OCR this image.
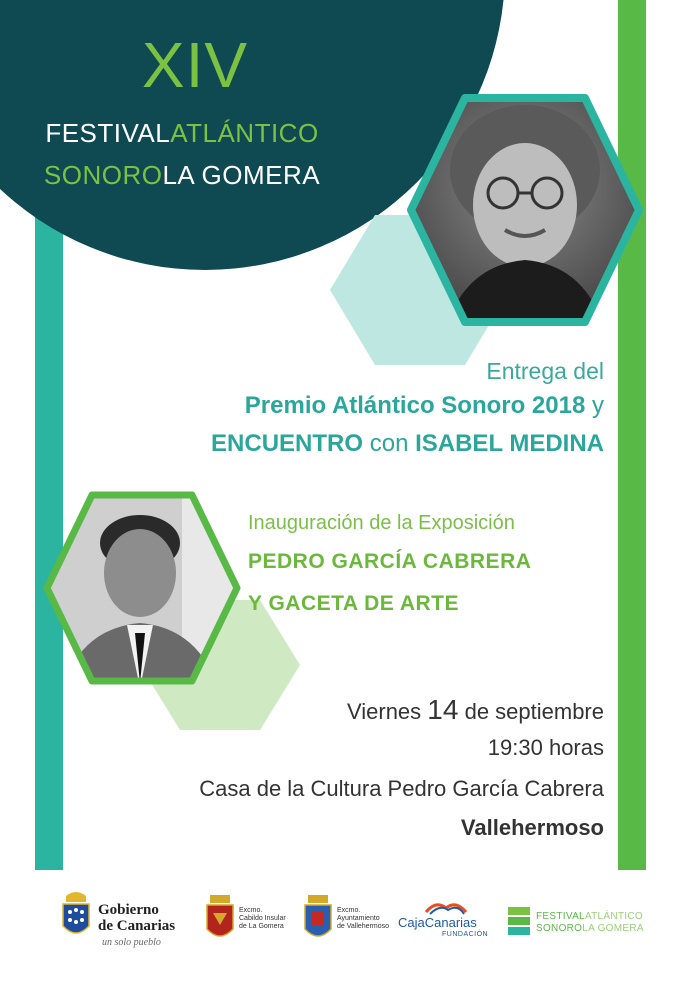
XIV
FESTIVALATLÁNTICO
SONOROLA GOMERA
Entrega del
Premio Atlántico Sonoro 2018 y
ENCUENTRO con ISABEL MEDINA
Inauguración de la Exposición
PEDRO GARCÍA CABRERA
Y GACETA DE ARTE
Viernes 14 de septiembre
19:30 horas
Casa de la Cultura Pedro García Cabrera
Vallehermoso
Gobierno
de Canarias
un solo pueblo
Excmo.
Cabildo Insular
de La Gomera
Excmo.
Ayuntamiento
de Vallehermoso CajaCanarias
FUNDACIÓN
FESTIVALATLÁNTICO
SONOROLA GOMERA
